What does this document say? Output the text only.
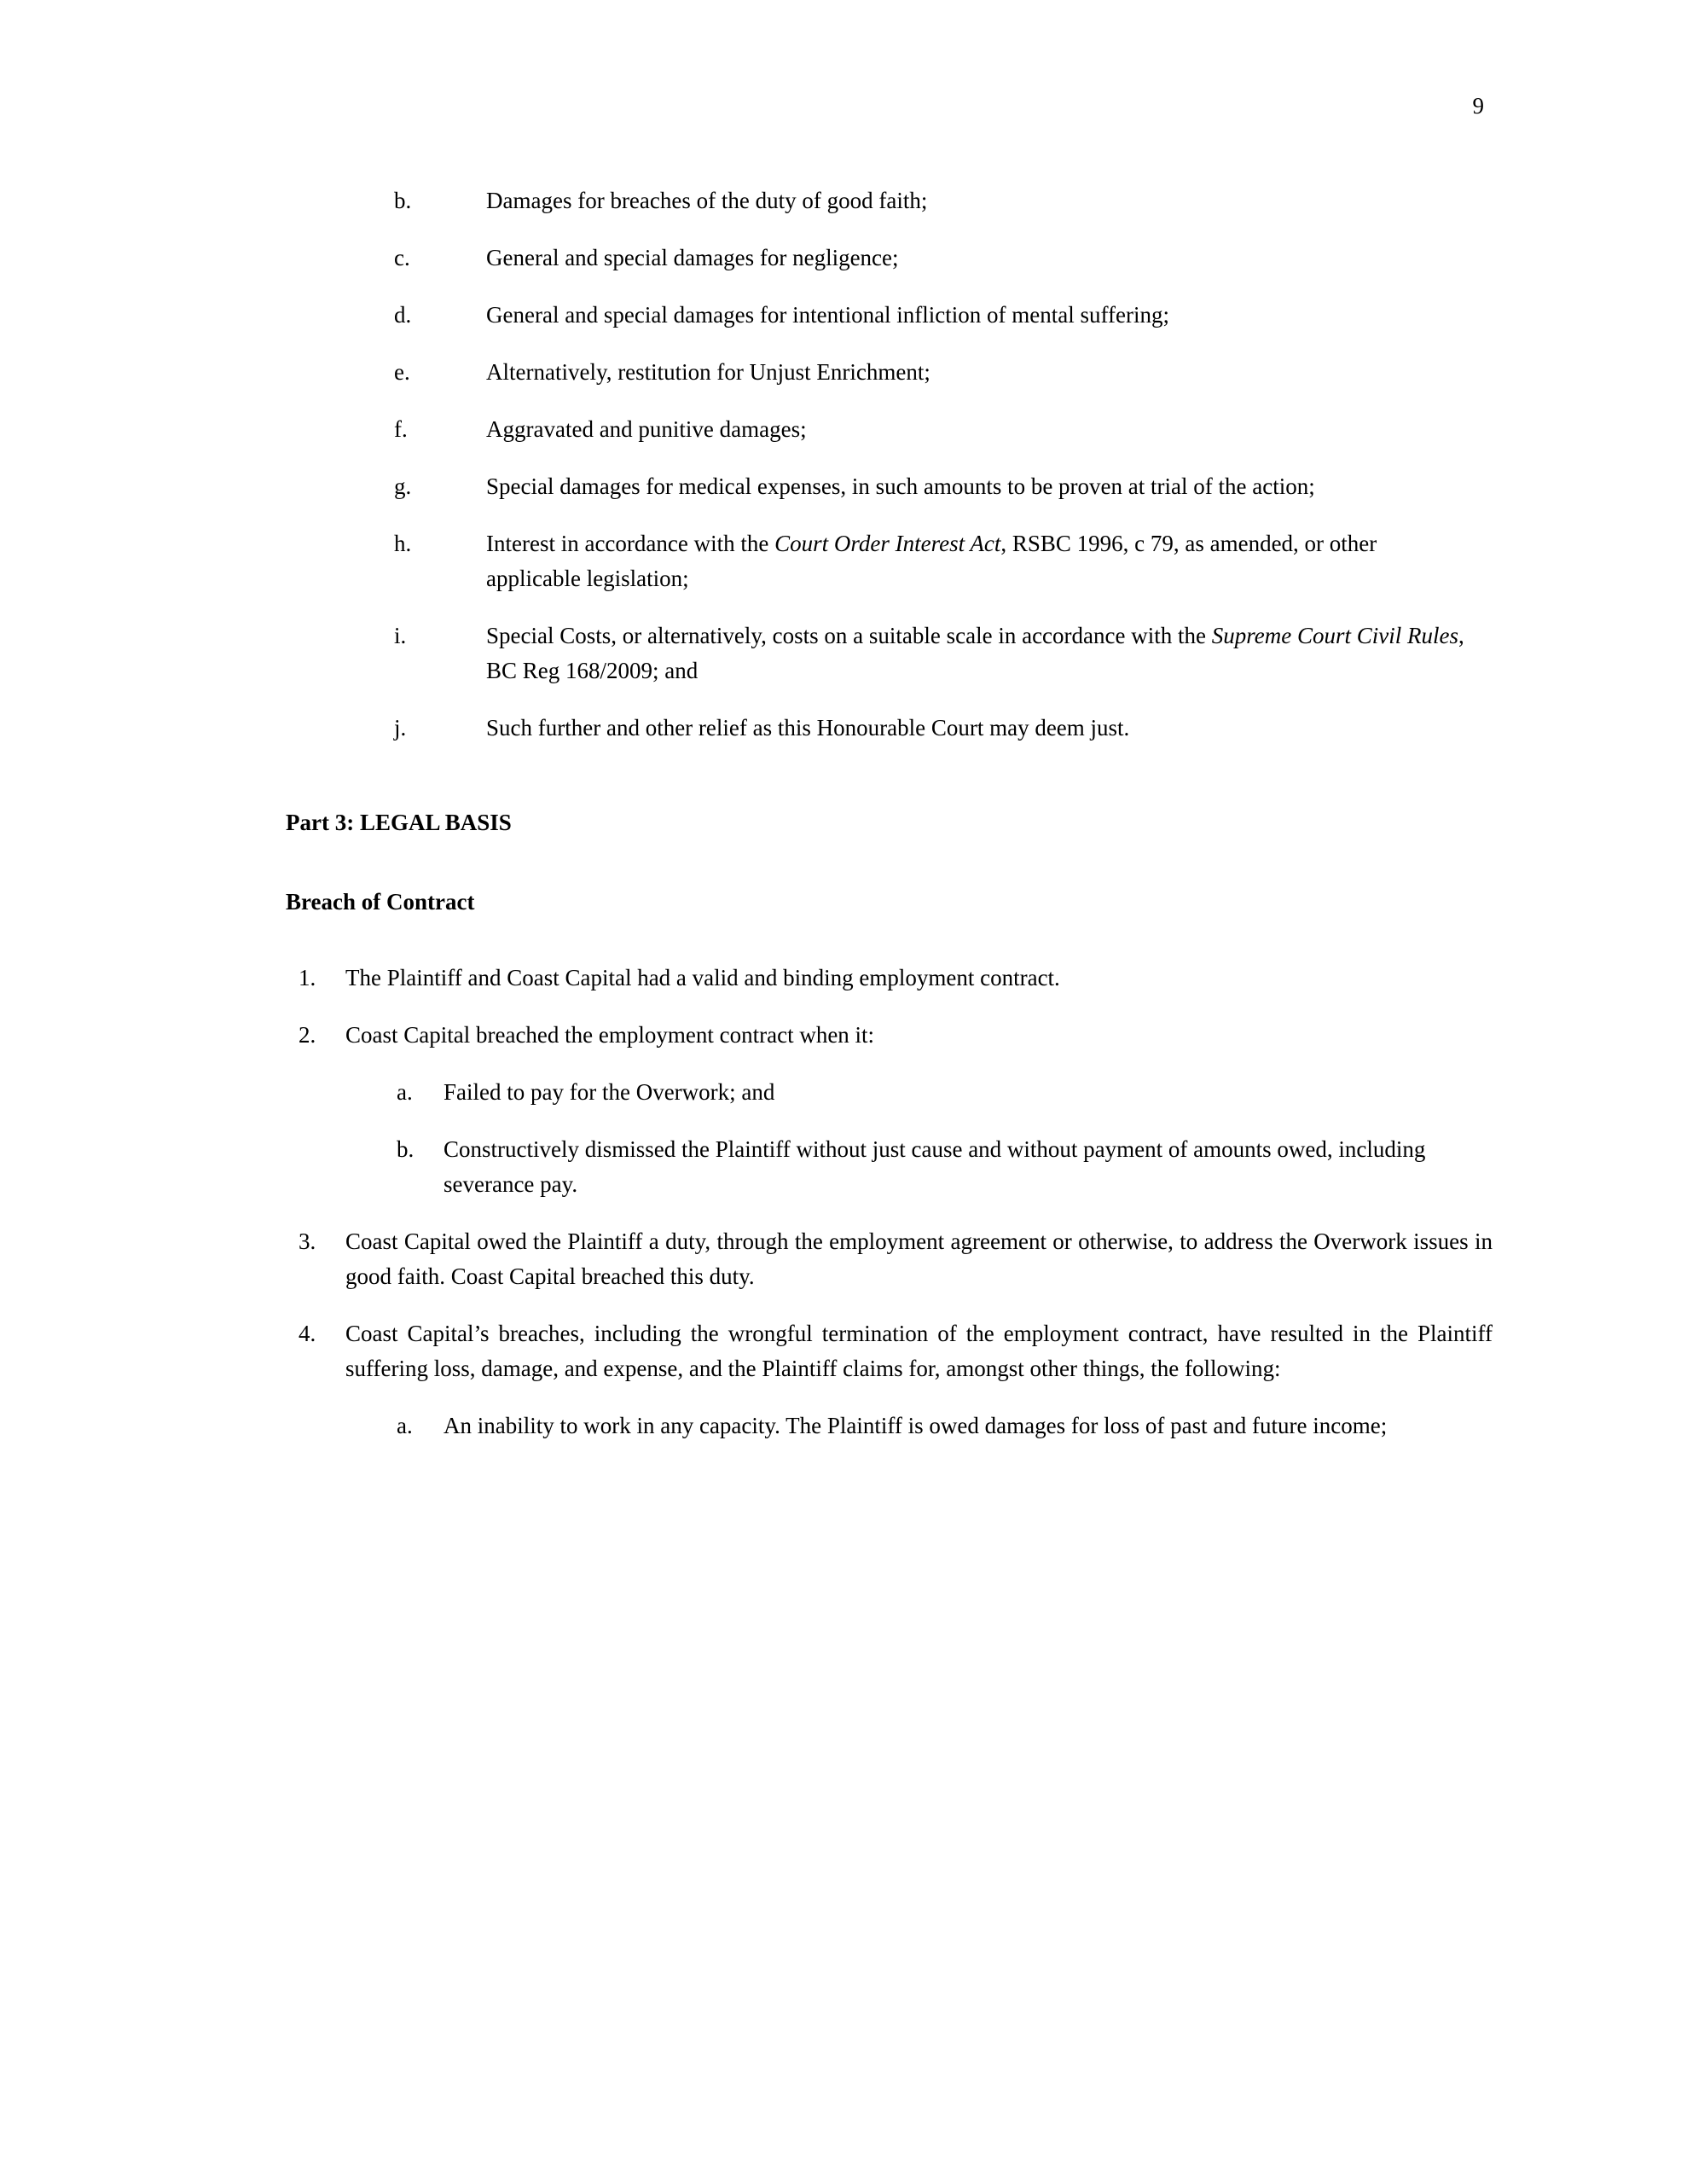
9
b.	Damages for breaches of the duty of good faith;
c.	General and special damages for negligence;
d.	General and special damages for intentional infliction of mental suffering;
e.	Alternatively, restitution for Unjust Enrichment;
f.	Aggravated and punitive damages;
g.	Special damages for medical expenses, in such amounts to be proven at trial of the action;
h.	Interest in accordance with the Court Order Interest Act, RSBC 1996, c 79, as amended, or other applicable legislation;
i.	Special Costs, or alternatively, costs on a suitable scale in accordance with the Supreme Court Civil Rules, BC Reg 168/2009; and
j.	Such further and other relief as this Honourable Court may deem just.
Part 3: LEGAL BASIS
Breach of Contract
1.	The Plaintiff and Coast Capital had a valid and binding employment contract.
2.	Coast Capital breached the employment contract when it:
a.	Failed to pay for the Overwork; and
b.	Constructively dismissed the Plaintiff without just cause and without payment of amounts owed, including severance pay.
3.	Coast Capital owed the Plaintiff a duty, through the employment agreement or otherwise, to address the Overwork issues in good faith. Coast Capital breached this duty.
4.	Coast Capital’s breaches, including the wrongful termination of the employment contract, have resulted in the Plaintiff suffering loss, damage, and expense, and the Plaintiff claims for, amongst other things, the following:
a.	An inability to work in any capacity. The Plaintiff is owed damages for loss of past and future income;
